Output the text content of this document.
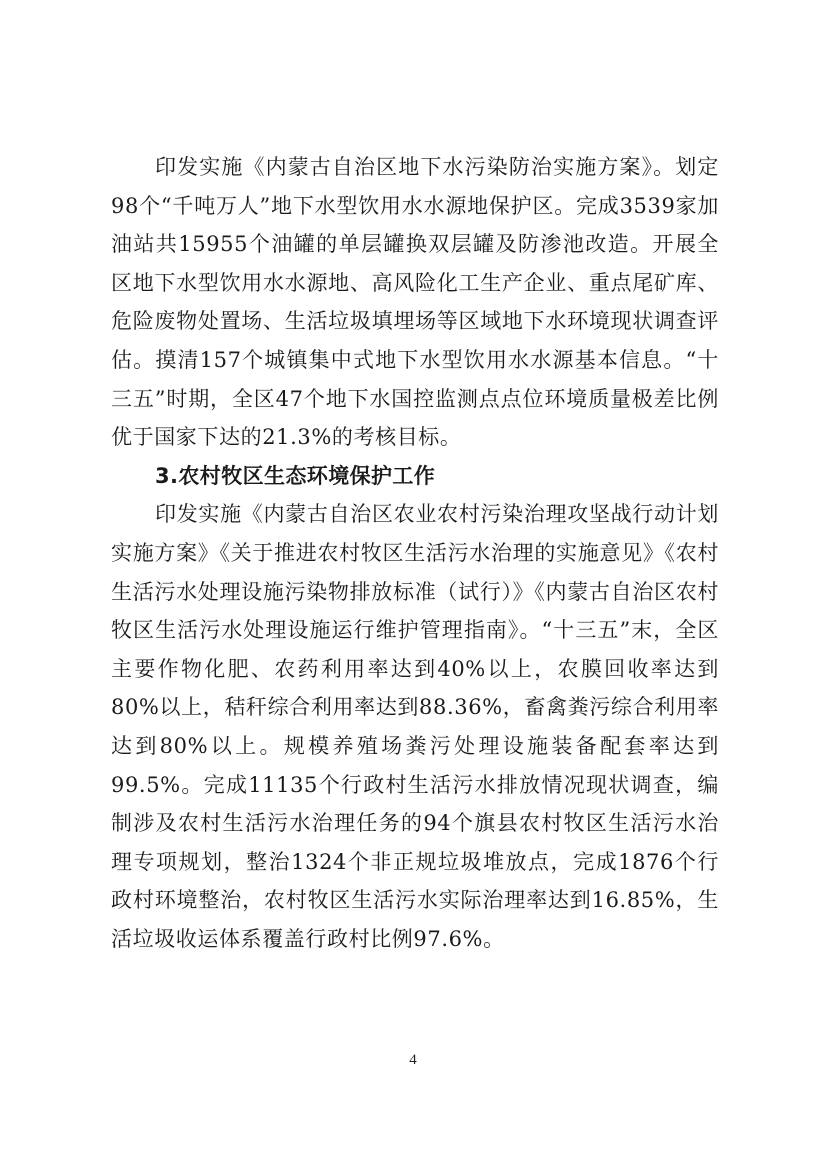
印发实施《内蒙古自治区地下水污染防治实施方案》。划定98个“千吨万人”地下水型饮用水水源地保护区。完成3539家加油站共15955个油罐的单层罐换双层罐及防渗池改造。开展全区地下水型饮用水水源地、高风险化工生产企业、重点尾矿库、危险废物处置场、生活垃圾填埋场等区域地下水环境现状调查评估。摸清157个城镇集中式地下水型饮用水水源基本信息。“十三五”时期，全区47个地下水国控监测点点位环境质量极差比例优于国家下达的21.3%的考核目标。

3.农村牧区生态环境保护工作

印发实施《内蒙古自治区农业农村污染治理攻坚战行动计划实施方案》《关于推进农村牧区生活污水治理的实施意见》《农村生活污水处理设施污染物排放标准（试行）》《内蒙古自治区农村牧区生活污水处理设施运行维护管理指南》。“十三五”末，全区主要作物化肥、农药利用率达到40%以上，农膜回收率达到80%以上，秸秆综合利用率达到88.36%，畜禽粪污综合利用率达到80%以上。规模养殖场粪污处理设施装备配套率达到99.5%。完成11135个行政村生活污水排放情况现状调查，编制涉及农村生活污水治理任务的94个旗县农村牧区生活污水治理专项规划，整治1324个非正规垃圾堆放点，完成1876个行政村环境整治，农村牧区生活污水实际治理率达到16.85%，生活垃圾收运体系覆盖行政村比例97.6%。

4
